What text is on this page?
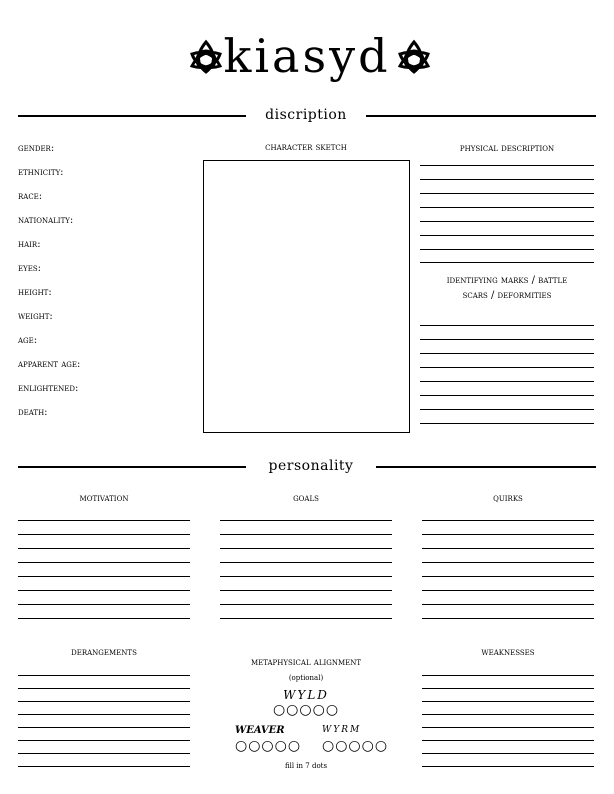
kiasyd
discription
gender:
ethnicity:
race:
nationality:
hair:
eyes:
height:
weight:
age:
apparent age:
enlightened:
death:
character sketch	physical description
identifying marks / battle
scars / deformities
personality
motivation	goals	quirks
derangements	weaknesses
metaphysical alignment
(optional)
WYLD
○○○○○
WEAVER
○○○○○
WYRM
○○○○○
fill in 7 dots
